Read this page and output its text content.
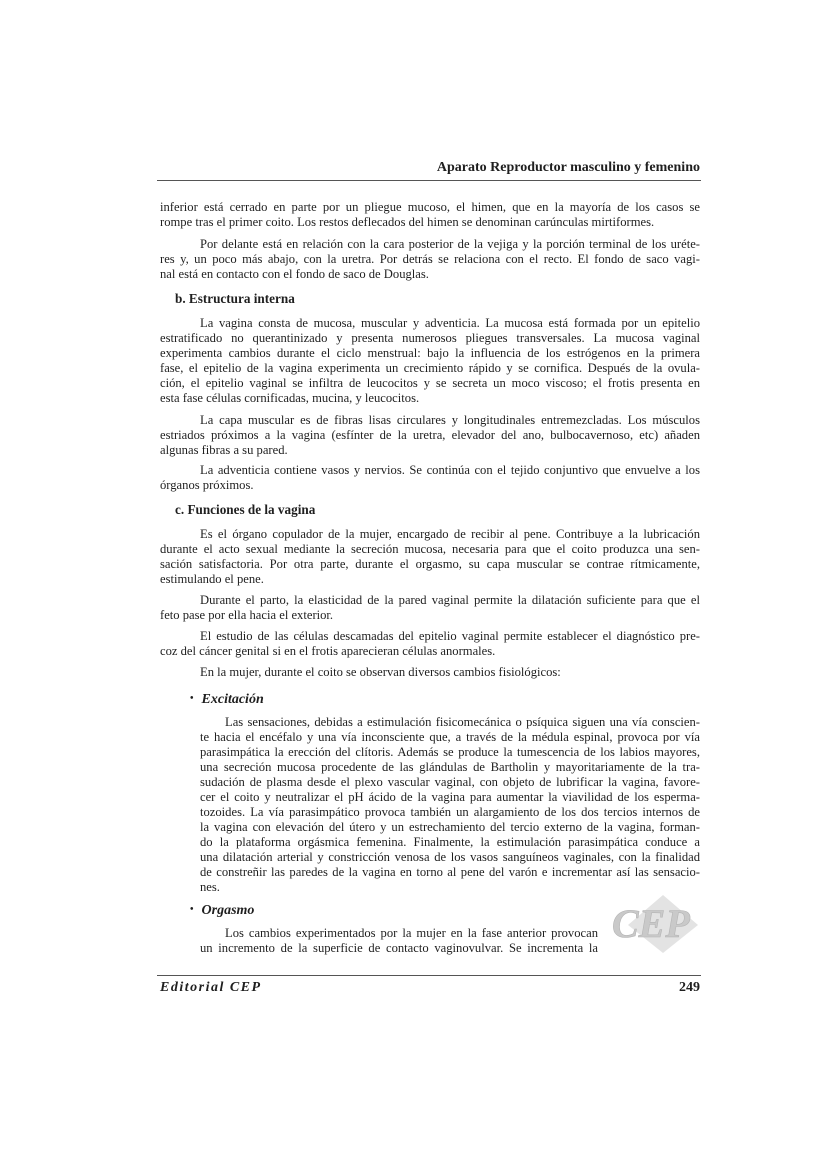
Aparato Reproductor masculino y femenino
inferior está cerrado en parte por un pliegue mucoso, el himen, que en la mayoría de los casos se
rompe tras el primer coito. Los restos deflecados del himen se denominan carúnculas mirtiformes.
Por delante está en relación con la cara posterior de la vejiga y la porción terminal de los uréte-
res y, un poco más abajo, con la uretra. Por detrás se relaciona con el recto. El fondo de saco vagi-
nal está en contacto con el fondo de saco de Douglas.
b. Estructura interna
La vagina consta de mucosa, muscular y adventicia. La mucosa está formada por un epitelio
estratificado no querantinizado y presenta numerosos pliegues transversales. La mucosa vaginal
experimenta cambios durante el ciclo menstrual: bajo la influencia de los estrógenos en la primera
fase, el epitelio de la vagina experimenta un crecimiento rápido y se cornifica. Después de la ovula-
ción, el epitelio vaginal se infiltra de leucocitos y se secreta un moco viscoso; el frotis presenta en
esta fase células cornificadas, mucina, y leucocitos.
La capa muscular es de fibras lisas circulares y longitudinales entremezcladas. Los músculos
estriados próximos a la vagina (esfínter de la uretra, elevador del ano, bulbocavernoso, etc) añaden
algunas fibras a su pared.
La adventicia contiene vasos y nervios. Se continúa con el tejido conjuntivo que envuelve a los
órganos próximos.
c. Funciones de la vagina
Es el órgano copulador de la mujer, encargado de recibir al pene. Contribuye a la lubricación
durante el acto sexual mediante la secreción mucosa, necesaria para que el coito produzca una sen-
sación satisfactoria. Por otra parte, durante el orgasmo, su capa muscular se contrae rítmicamente,
estimulando el pene.
Durante el parto, la elasticidad de la pared vaginal permite la dilatación suficiente para que el
feto pase por ella hacia el exterior.
El estudio de las células descamadas del epitelio vaginal permite establecer el diagnóstico pre-
coz del cáncer genital si en el frotis aparecieran células anormales.
En la mujer, durante el coito se observan diversos cambios fisiológicos:
• Excitación
Las sensaciones, debidas a estimulación fisicomecánica o psíquica siguen una vía conscien-
te hacia el encéfalo y una vía inconsciente que, a través de la médula espinal, provoca por vía
parasimpática la erección del clítoris. Además se produce la tumescencia de los labios mayores,
una secreción mucosa procedente de las glándulas de Bartholin y mayoritariamente de la tra-
sudación de plasma desde el plexo vascular vaginal, con objeto de lubrificar la vagina, favore-
cer el coito y neutralizar el pH ácido de la vagina para aumentar la viavilidad de los esperma-
tozoides. La vía parasimpático provoca también un alargamiento de los dos tercios internos de
la vagina con elevación del útero y un estrechamiento del tercio externo de la vagina, forman-
do la plataforma orgásmica femenina. Finalmente, la estimulación parasimpática conduce a
una dilatación arterial y constricción venosa de los vasos sanguíneos vaginales, con la finalidad
de constreñir las paredes de la vagina en torno al pene del varón e incrementar así las sensacio-
nes.
• Orgasmo
Los cambios experimentados por la mujer en la fase anterior provocan
un incremento de la superficie de contacto vaginovulvar. Se incrementa la
CEP
Editorial CEP	249
